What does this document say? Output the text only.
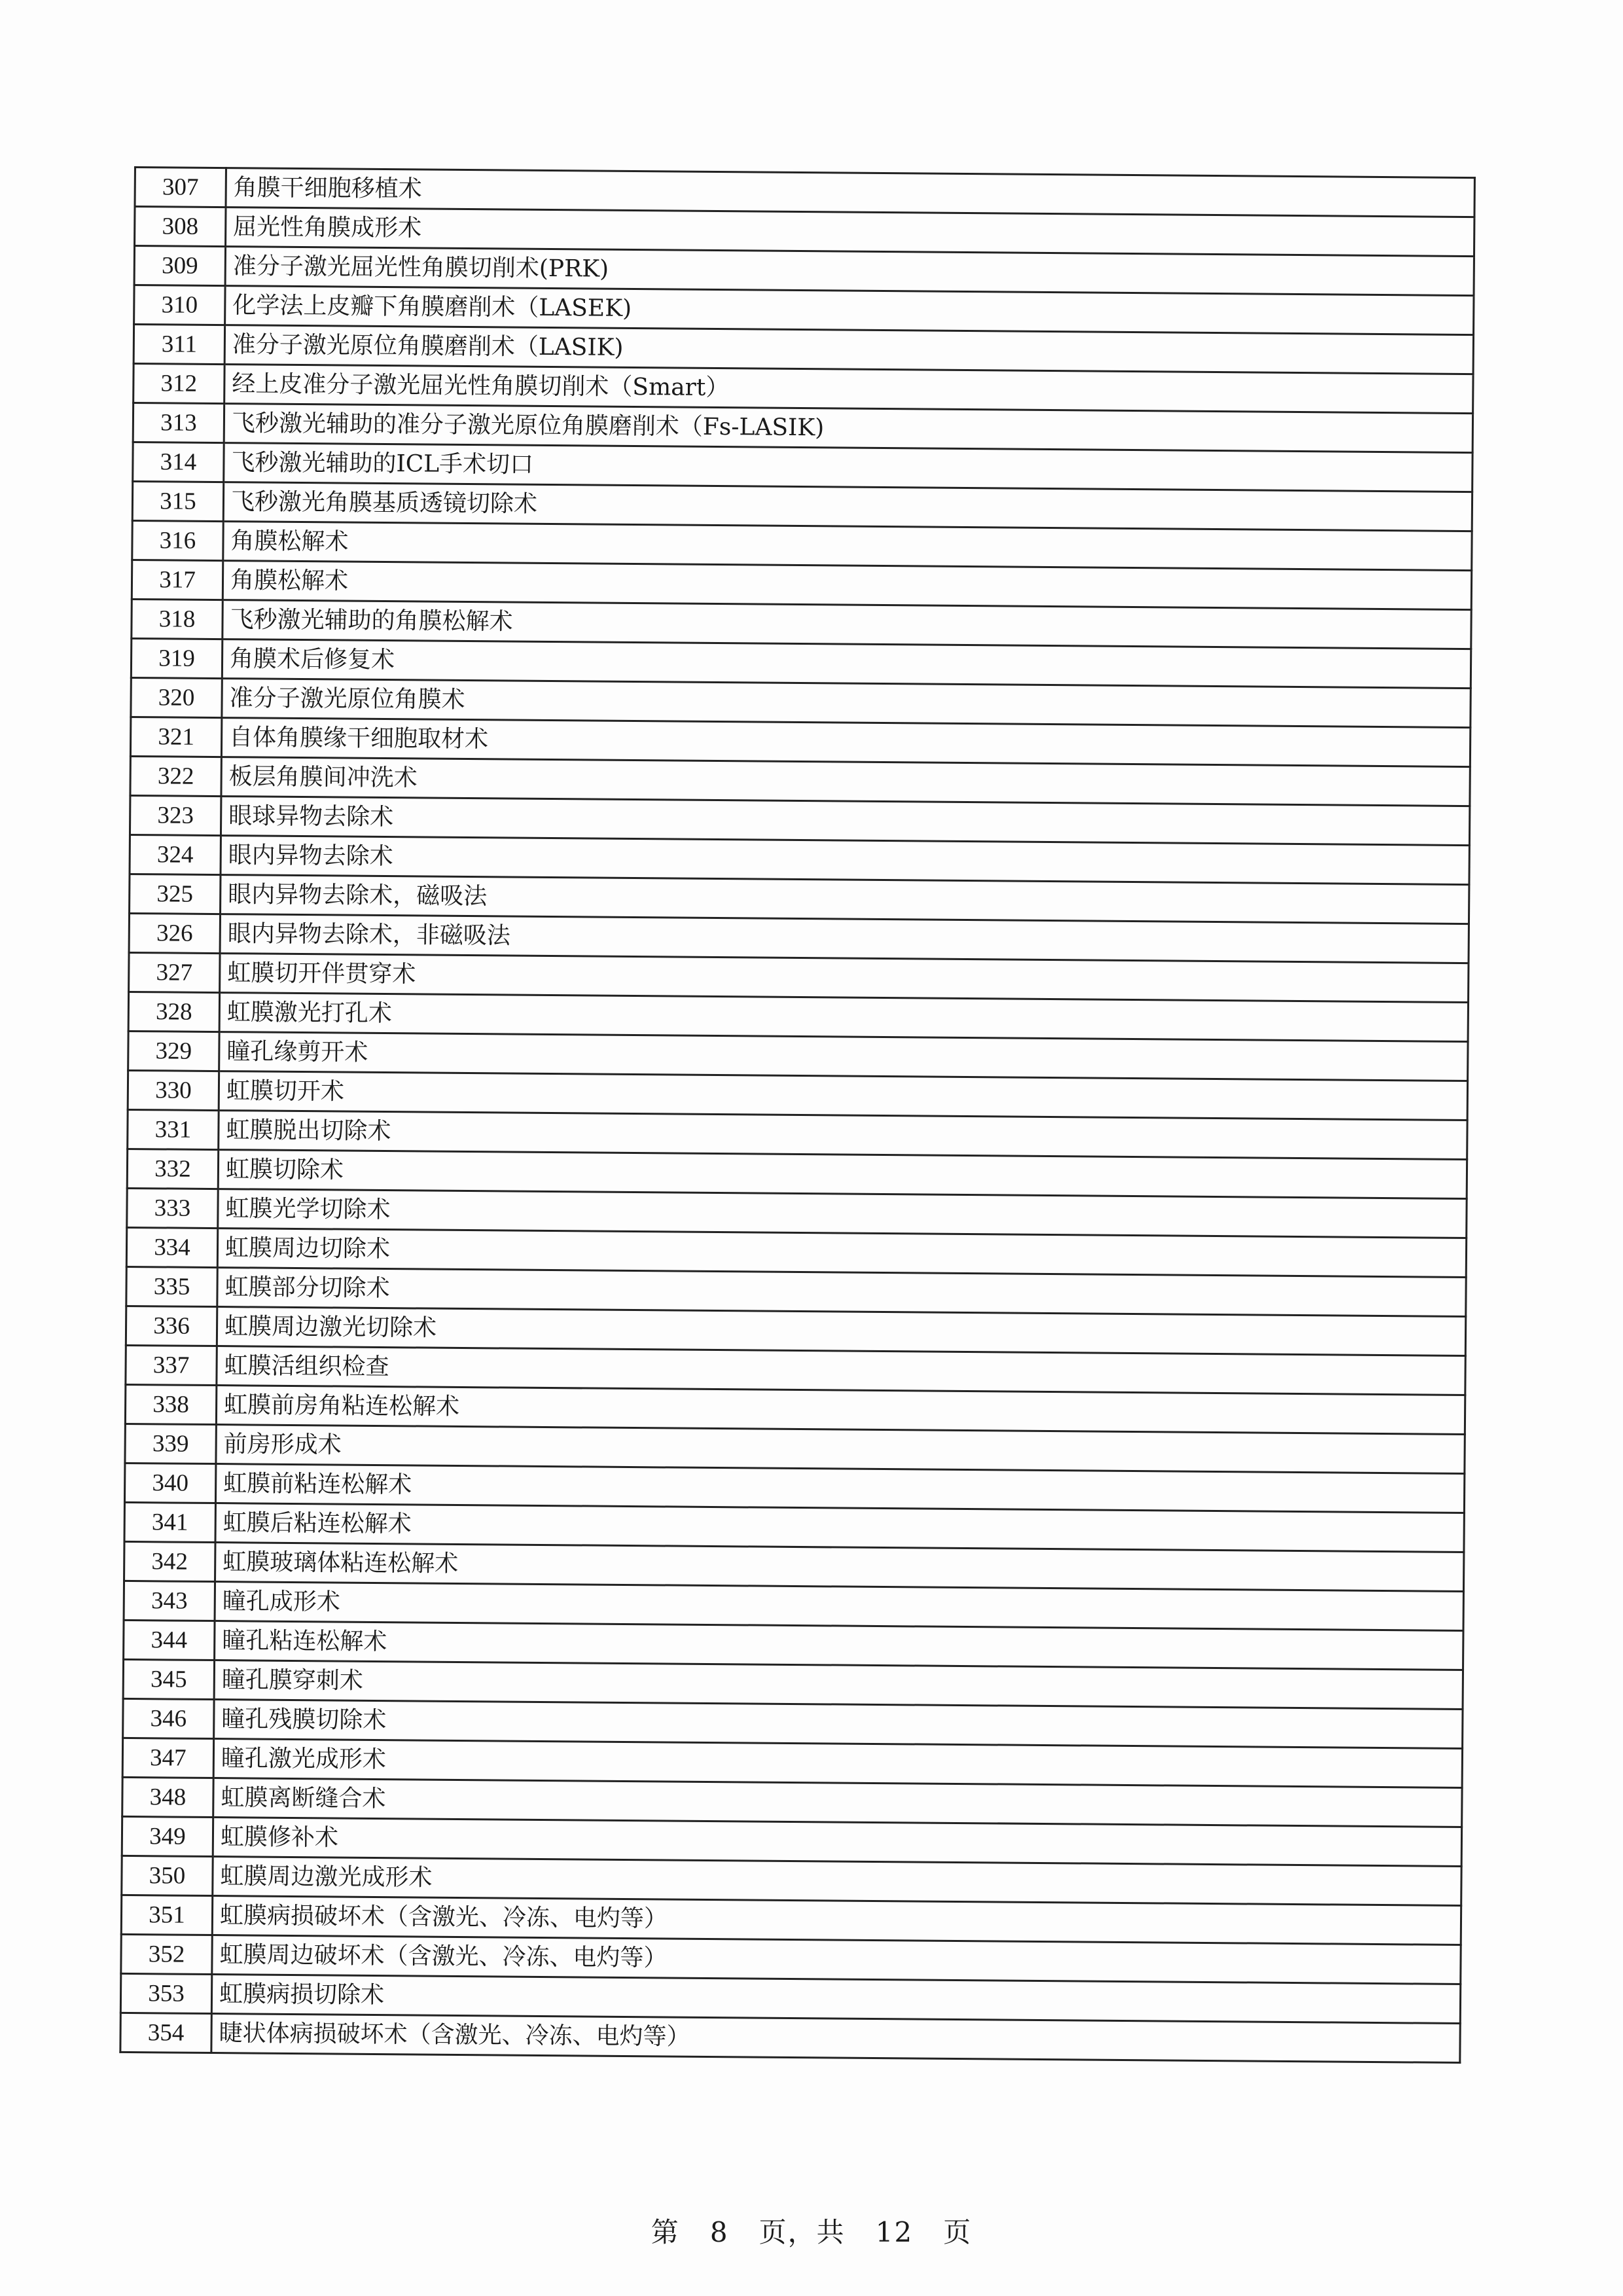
307	角膜干细胞移植术
308	屈光性角膜成形术
309	准分子激光屈光性角膜切削术(PRK)
310	化学法上皮瓣下角膜磨削术（LASEK)
311	准分子激光原位角膜磨削术（LASIK)
312	经上皮准分子激光屈光性角膜切削术（Smart）
313	飞秒激光辅助的准分子激光原位角膜磨削术（Fs-LASIK)
314	飞秒激光辅助的ICL手术切口
315	飞秒激光角膜基质透镜切除术
316	角膜松解术
317	角膜松解术
318	飞秒激光辅助的角膜松解术
319	角膜术后修复术
320	准分子激光原位角膜术
321	自体角膜缘干细胞取材术
322	板层角膜间冲洗术
323	眼球异物去除术
324	眼内异物去除术
325	眼内异物去除术，磁吸法
326	眼内异物去除术，非磁吸法
327	虹膜切开伴贯穿术
328	虹膜激光打孔术
329	瞳孔缘剪开术
330	虹膜切开术
331	虹膜脱出切除术
332	虹膜切除术
333	虹膜光学切除术
334	虹膜周边切除术
335	虹膜部分切除术
336	虹膜周边激光切除术
337	虹膜活组织检查
338	虹膜前房角粘连松解术
339	前房形成术
340	虹膜前粘连松解术
341	虹膜后粘连松解术
342	虹膜玻璃体粘连松解术
343	瞳孔成形术
344	瞳孔粘连松解术
345	瞳孔膜穿刺术
346	瞳孔残膜切除术
347	瞳孔激光成形术
348	虹膜离断缝合术
349	虹膜修补术
350	虹膜周边激光成形术
351	虹膜病损破坏术（含激光、冷冻、电灼等）
352	虹膜周边破坏术（含激光、冷冻、电灼等）
353	虹膜病损切除术
354	睫状体病损破坏术（含激光、冷冻、电灼等）
第 8 页，共 12 页
